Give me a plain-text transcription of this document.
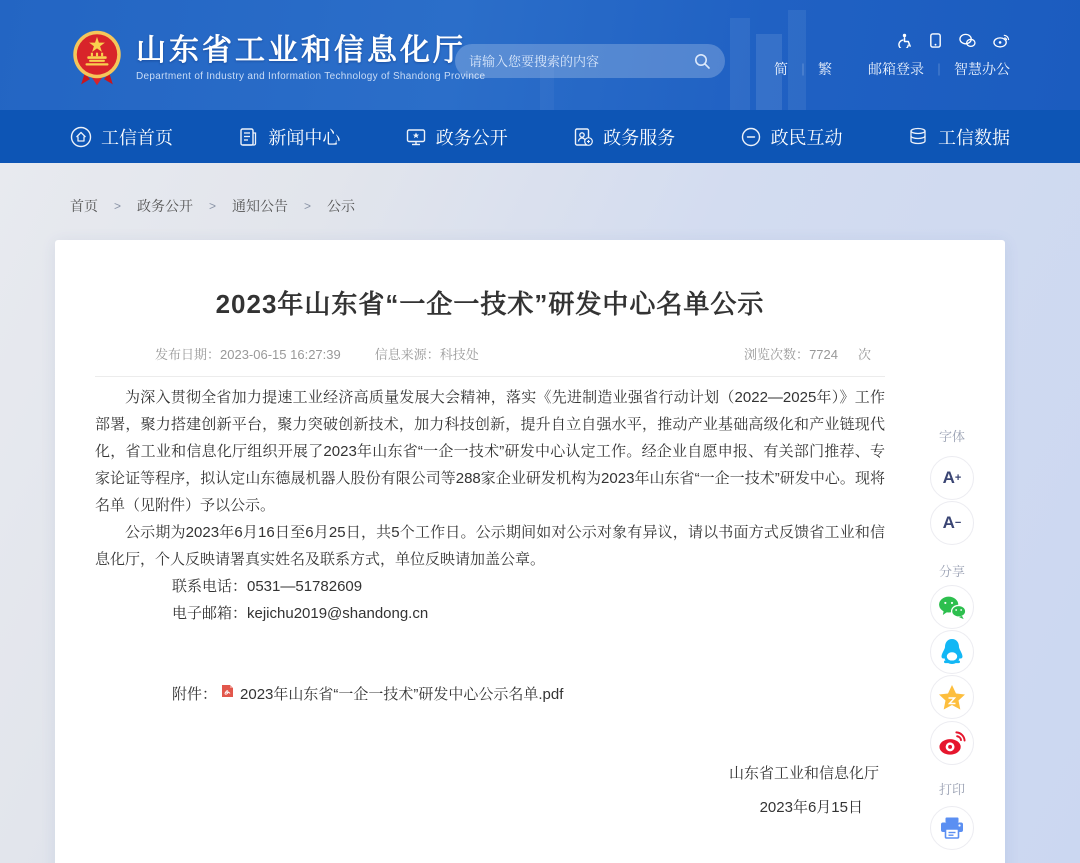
山东省工业和信息化厅
Department of Industry and Information Technology of Shandong Province
请输入您要搜索的内容	简 ｜ 繁	邮箱登录 ｜ 智慧办公
工信首页	新闻中心	政务公开	政务服务	政民互动	工信数据
首页 > 政务公开 > 通知公告 > 公示
2023年山东省“一企一技术”研发中心名单公示
发布日期：2023-06-15 16:27:39	信息来源：科技处	浏览次数：7724 次

为深入贯彻全省加力提速工业经济高质量发展大会精神，落实《先进制造业强省行动计划（2022—2025年）》工作部署，聚力搭建创新平台，聚力突破创新技术，加力科技创新，提升自立自强水平，推动产业基础高级化和产业链现代化，省工业和信息化厅组织开展了2023年山东省“一企一技术”研发中心认定工作。经企业自愿申报、有关部门推荐、专家论证等程序，拟认定山东德晟机器人股份有限公司等288家企业研发机构为2023年山东省“一企一技术”研发中心。现将名单（见附件）予以公示。

公示期为2023年6月16日至6月25日，共5个工作日。公示期间如对公示对象有异议，请以书面方式反馈省工业和信息化厅，个人反映请署真实姓名及联系方式，单位反映请加盖公章。

联系电话：0531—51782609
电子邮箱：kejichu2019@shandong.cn
附件： 2023年山东省“一企一技术”研发中心公示名单.pdf
山东省工业和信息化厅
2023年6月15日
字体
A +
A −
分享
打印
